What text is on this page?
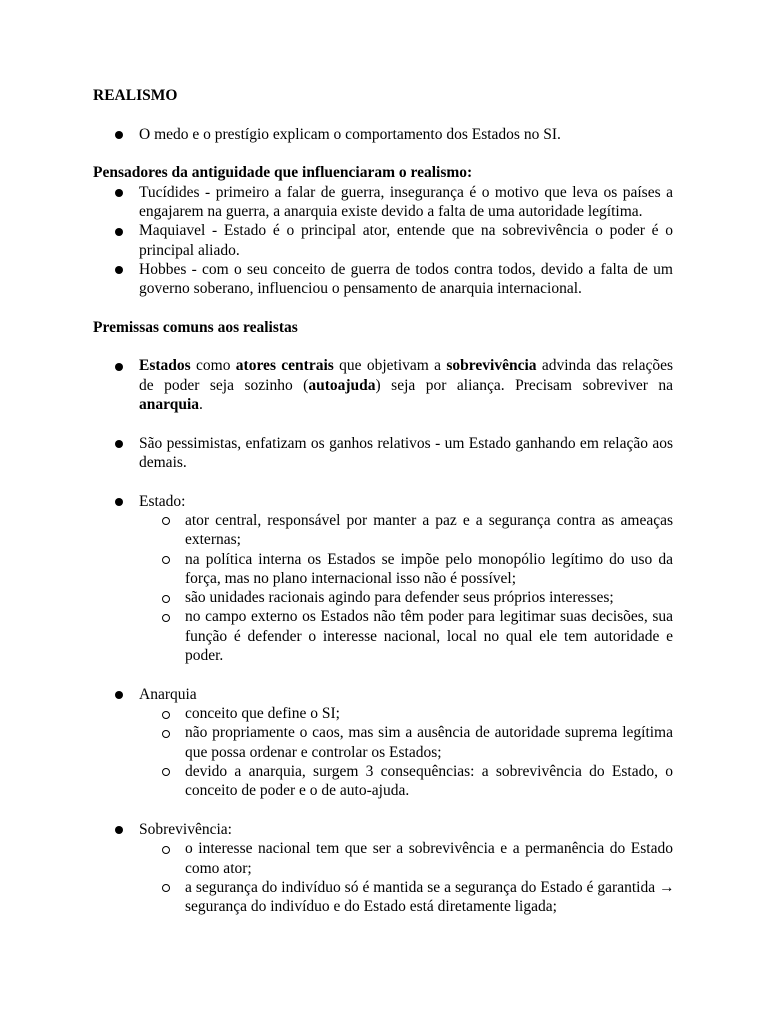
REALISMO

O medo e o prestígio explicam o comportamento dos Estados no SI.

Pensadores da antiguidade que influenciaram o realismo:

Tucídides - primeiro a falar de guerra, insegurança é o motivo que leva os países a engajarem na guerra, a anarquia existe devido a falta de uma autoridade legítima.
Maquiavel - Estado é o principal ator, entende que na sobrevivência o poder é o principal aliado.
Hobbes - com o seu conceito de guerra de todos contra todos, devido a falta de um governo soberano, influenciou o pensamento de anarquia internacional.

Premissas comuns aos realistas

Estados como atores centrais que objetivam a sobrevivência advinda das relações de poder seja sozinho (autoajuda) seja por aliança. Precisam sobreviver na anarquia.
São pessimistas, enfatizam os ganhos relativos - um Estado ganhando em relação aos demais.
Estado:
ator central, responsável por manter a paz e a segurança contra as ameaças externas;
na política interna os Estados se impõe pelo monopólio legítimo do uso da força, mas no plano internacional isso não é possível;
são unidades racionais agindo para defender seus próprios interesses;
no campo externo os Estados não têm poder para legitimar suas decisões, sua função é defender o interesse nacional, local no qual ele tem autoridade e poder.
Anarquia
conceito que define o SI;
não propriamente o caos, mas sim a ausência de autoridade suprema legítima que possa ordenar e controlar os Estados;
devido a anarquia, surgem 3 consequências: a sobrevivência do Estado, o conceito de poder e o de auto-ajuda.
Sobrevivência:
o interesse nacional tem que ser a sobrevivência e a permanência do Estado como ator;
a segurança do indivíduo só é mantida se a segurança do Estado é garantida → segurança do indivíduo e do Estado está diretamente ligada;
